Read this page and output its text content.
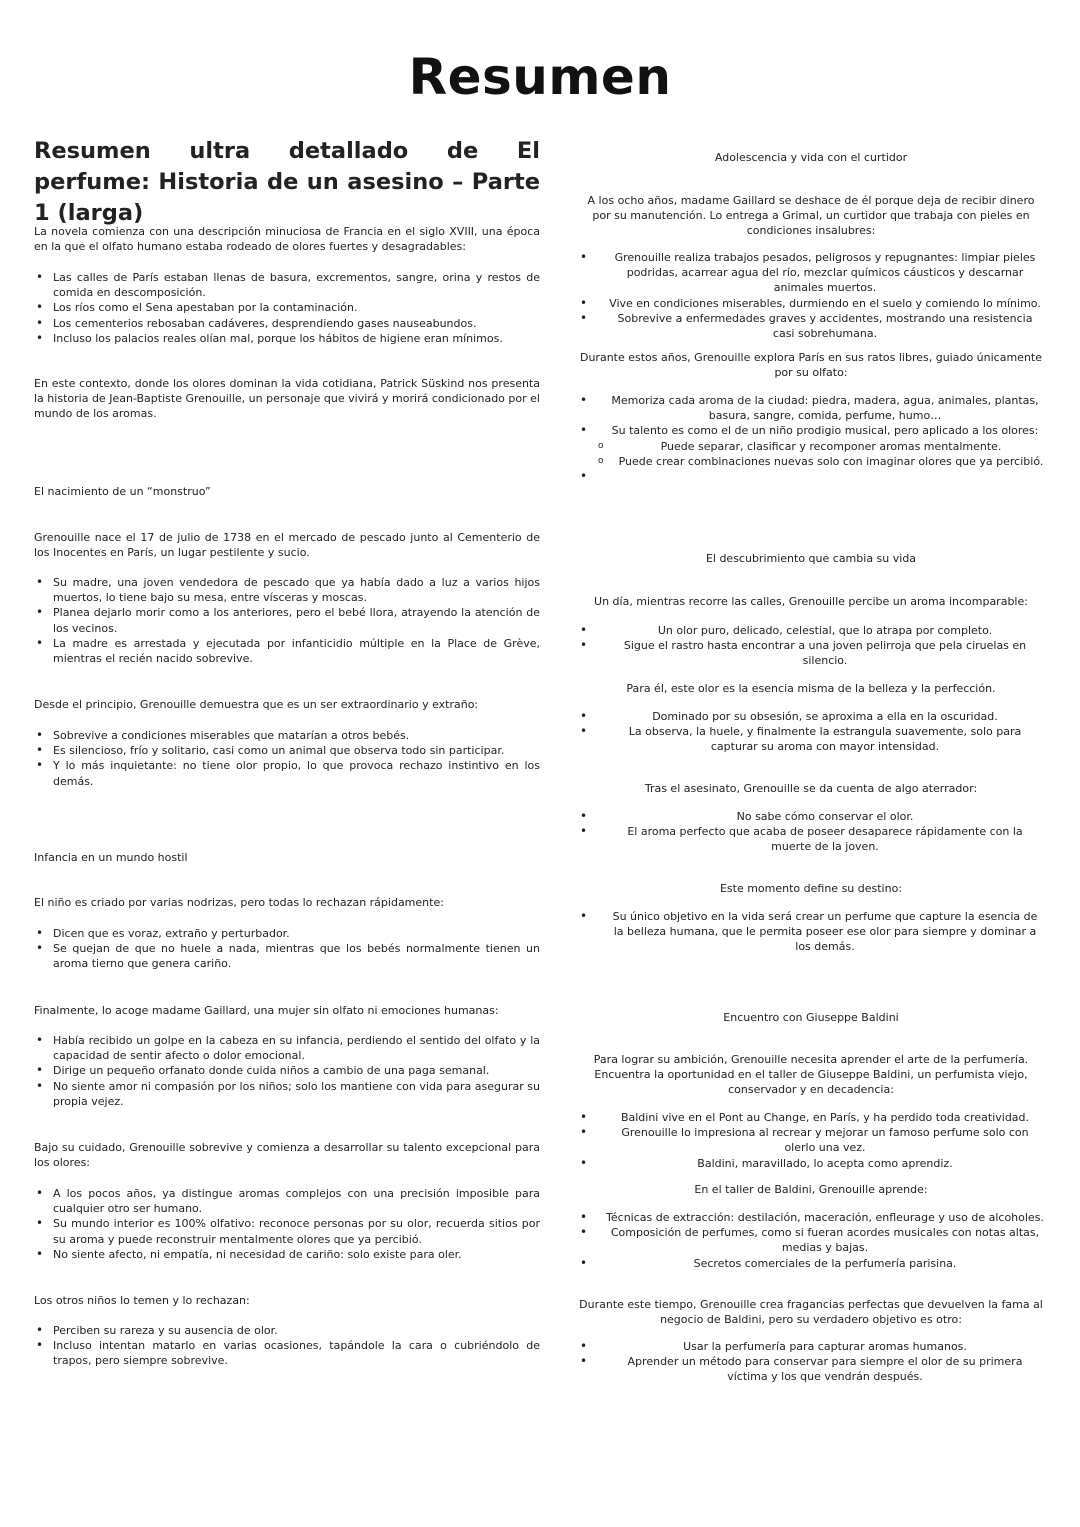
Resumen
Resumen ultra detallado de El perfume: Historia de un asesino – Parte 1 (larga)

La novela comienza con una descripción minuciosa de Francia en el siglo XVIII, una época en la que el olfato humano estaba rodeado de olores fuertes y desagradables:

• Las calles de París estaban llenas de basura, excrementos, sangre, orina y restos de comida en descomposición.
• Los ríos como el Sena apestaban por la contaminación.
• Los cementerios rebosaban cadáveres, desprendiendo gases nauseabundos.
• Incluso los palacios reales olían mal, porque los hábitos de higiene eran mínimos.

En este contexto, donde los olores dominan la vida cotidiana, Patrick Süskind nos presenta la historia de Jean-Baptiste Grenouille, un personaje que vivirá y morirá condicionado por el mundo de los aromas.

El nacimiento de un “monstruo”

Grenouille nace el 17 de julio de 1738 en el mercado de pescado junto al Cementerio de los Inocentes en París, un lugar pestilente y sucio.

• Su madre, una joven vendedora de pescado que ya había dado a luz a varios hijos muertos, lo tiene bajo su mesa, entre vísceras y moscas.
• Planea dejarlo morir como a los anteriores, pero el bebé llora, atrayendo la atención de los vecinos.
• La madre es arrestada y ejecutada por infanticidio múltiple en la Place de Grève, mientras el recién nacido sobrevive.

Desde el principio, Grenouille demuestra que es un ser extraordinario y extraño:

• Sobrevive a condiciones miserables que matarían a otros bebés.
• Es silencioso, frío y solitario, casi como un animal que observa todo sin participar.
• Y lo más inquietante: no tiene olor propio, lo que provoca rechazo instintivo en los demás.

Infancia en un mundo hostil

El niño es criado por varias nodrizas, pero todas lo rechazan rápidamente:

• Dicen que es voraz, extraño y perturbador.
• Se quejan de que no huele a nada, mientras que los bebés normalmente tienen un aroma tierno que genera cariño.

Finalmente, lo acoge madame Gaillard, una mujer sin olfato ni emociones humanas:

• Había recibido un golpe en la cabeza en su infancia, perdiendo el sentido del olfato y la capacidad de sentir afecto o dolor emocional.
• Dirige un pequeño orfanato donde cuida niños a cambio de una paga semanal.
• No siente amor ni compasión por los niños; solo los mantiene con vida para asegurar su propia vejez.

Bajo su cuidado, Grenouille sobrevive y comienza a desarrollar su talento excepcional para los olores:

• A los pocos años, ya distingue aromas complejos con una precisión imposible para cualquier otro ser humano.
• Su mundo interior es 100% olfativo: reconoce personas por su olor, recuerda sitios por su aroma y puede reconstruir mentalmente olores que ya percibió.
• No siente afecto, ni empatía, ni necesidad de cariño: solo existe para oler.

Los otros niños lo temen y lo rechazan:

• Perciben su rareza y su ausencia de olor.
• Incluso intentan matarlo en varias ocasiones, tapándole la cara o cubriéndolo de trapos, pero siempre sobrevive.

Adolescencia y vida con el curtidor

A los ocho años, madame Gaillard se deshace de él porque deja de recibir dinero por su manutención. Lo entrega a Grimal, un curtidor que trabaja con pieles en condiciones insalubres:

• Grenouille realiza trabajos pesados, peligrosos y repugnantes: limpiar pieles podridas, acarrear agua del río, mezclar químicos cáusticos y descarnar animales muertos.
• Vive en condiciones miserables, durmiendo en el suelo y comiendo lo mínimo.
• Sobrevive a enfermedades graves y accidentes, mostrando una resistencia casi sobrehumana.

Durante estos años, Grenouille explora París en sus ratos libres, guiado únicamente por su olfato:

• Memoriza cada aroma de la ciudad: piedra, madera, agua, animales, plantas, basura, sangre, comida, perfume, humo…
• Su talento es como el de un niño prodigio musical, pero aplicado a los olores:
o Puede separar, clasificar y recomponer aromas mentalmente.
o Puede crear combinaciones nuevas solo con imaginar olores que ya percibió.
•

El descubrimiento que cambia su vida

Un día, mientras recorre las calles, Grenouille percibe un aroma incomparable:

• Un olor puro, delicado, celestial, que lo atrapa por completo.
• Sigue el rastro hasta encontrar a una joven pelirroja que pela ciruelas en silencio.

Para él, este olor es la esencia misma de la belleza y la perfección.

• Dominado por su obsesión, se aproxima a ella en la oscuridad.
• La observa, la huele, y finalmente la estrangula suavemente, solo para capturar su aroma con mayor intensidad.

Tras el asesinato, Grenouille se da cuenta de algo aterrador:

• No sabe cómo conservar el olor.
• El aroma perfecto que acaba de poseer desaparece rápidamente con la muerte de la joven.

Este momento define su destino:

• Su único objetivo en la vida será crear un perfume que capture la esencia de la belleza humana, que le permita poseer ese olor para siempre y dominar a los demás.

Encuentro con Giuseppe Baldini

Para lograr su ambición, Grenouille necesita aprender el arte de la perfumería. Encuentra la oportunidad en el taller de Giuseppe Baldini, un perfumista viejo, conservador y en decadencia:

• Baldini vive en el Pont au Change, en París, y ha perdido toda creatividad.
• Grenouille lo impresiona al recrear y mejorar un famoso perfume solo con olerlo una vez.
• Baldini, maravillado, lo acepta como aprendiz.

En el taller de Baldini, Grenouille aprende:

• Técnicas de extracción: destilación, maceración, enfleurage y uso de alcoholes.
• Composición de perfumes, como si fueran acordes musicales con notas altas, medias y bajas.
• Secretos comerciales de la perfumería parisina.

Durante este tiempo, Grenouille crea fragancias perfectas que devuelven la fama al negocio de Baldini, pero su verdadero objetivo es otro:

• Usar la perfumería para capturar aromas humanos.
• Aprender un método para conservar para siempre el olor de su primera víctima y los que vendrán después.
